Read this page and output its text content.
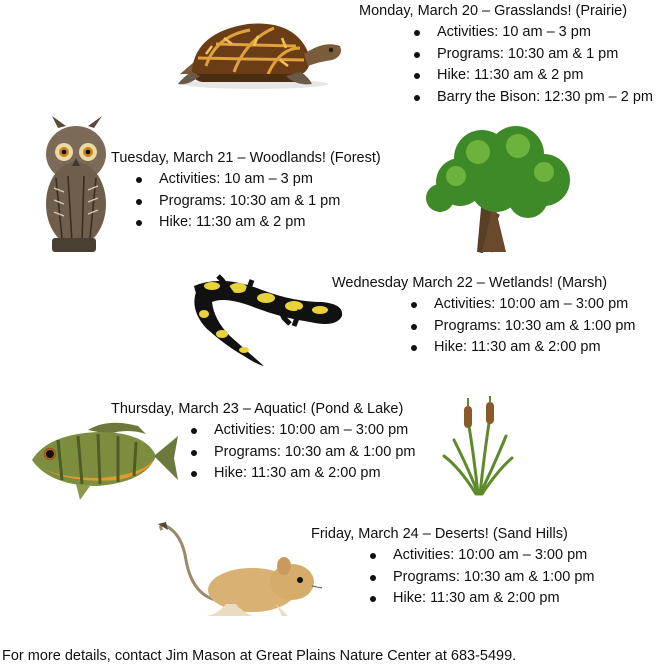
Monday, March 20 – Grasslands! (Prairie)
Activities: 10 am – 3 pm
Programs: 10:30 am & 1 pm
Hike: 11:30 am & 2 pm
Barry the Bison: 12:30 pm – 2 pm
Tuesday, March 21 – Woodlands! (Forest)
Activities: 10 am – 3 pm
Programs: 10:30 am & 1 pm
Hike: 11:30 am & 2 pm
Wednesday March 22 – Wetlands! (Marsh)
Activities: 10:00 am – 3:00 pm
Programs: 10:30 am & 1:00 pm
Hike: 11:30 am & 2:00 pm
Thursday, March 23 – Aquatic! (Pond & Lake)
Activities: 10:00 am – 3:00 pm
Programs: 10:30 am & 1:00 pm
Hike: 11:30 am & 2:00 pm
Friday, March 24 – Deserts! (Sand Hills)
Activities: 10:00 am – 3:00 pm
Programs: 10:30 am & 1:00 pm
Hike: 11:30 am & 2:00 pm
For more details, contact Jim Mason at Great Plains Nature Center at 683-5499.
